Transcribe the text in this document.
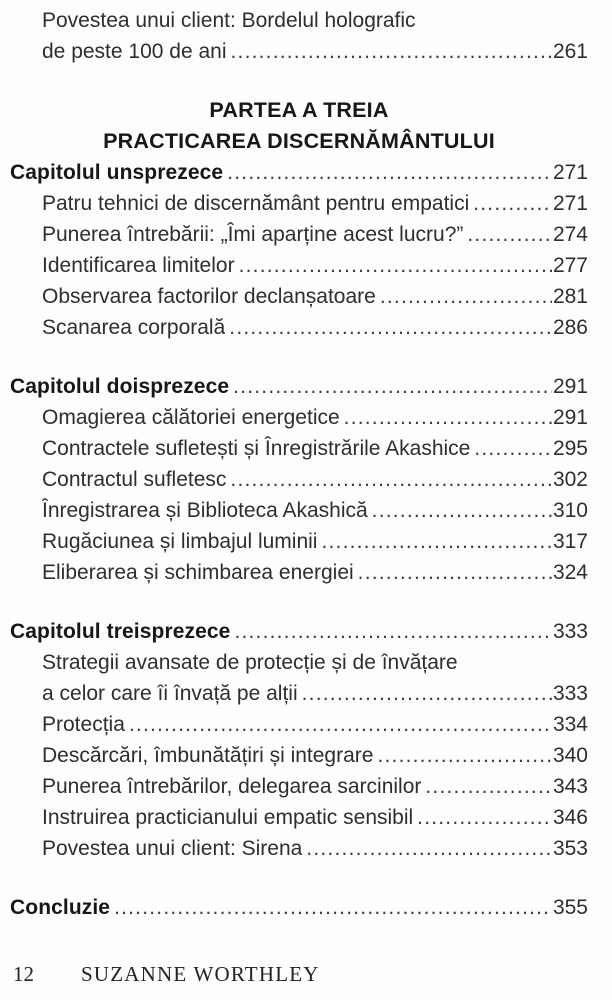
Povestea unui client: Bordelul holografic
de peste 100 de ani .....	261
PARTEA A TREIA
PRACTICAREA DISCERNĂMÂNTULUI
Capitolul unsprezece .....	271
Patru tehnici de discernământ pentru empatici .....	271
Punerea întrebării: „Îmi aparține acest lucru?” .....	274
Identificarea limitelor .....	277
Observarea factorilor declanșatoare .....	281
Scanarea corporală .....	286
Capitolul doisprezece .....	291
Omagierea călătoriei energetice .....	291
Contractele sufletești și Înregistrările Akashice .....	295
Contractul sufletesc .....	302
Înregistrarea și Biblioteca Akashică .....	310
Rugăciunea și limbajul luminii .....	317
Eliberarea și schimbarea energiei .....	324
Capitolul treisprezece .....	333
Strategii avansate de protecție și de învățare
a celor care îi învață pe alții .....	333
Protecția .....	334
Descărcări, îmbunătățiri și integrare .....	340
Punerea întrebărilor, delegarea sarcinilor .....	343
Instruirea practicianului empatic sensibil .....	346
Povestea unui client: Sirena .....	353
Concluzie .....	355
12 SUZANNE WORTHLEY
